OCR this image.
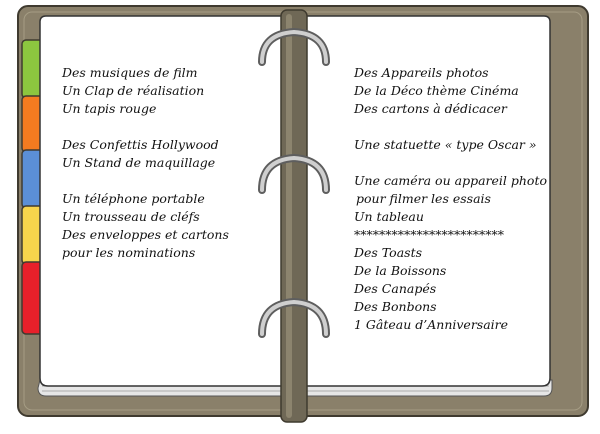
Des musiques de film
Un Clap de réalisation
Un tapis rouge
Des Confettis Hollywood
Un Stand de maquillage
Un téléphone portable
Un trousseau de cléfs
Des enveloppes et cartons
pour les nominations
Des Appareils photos
De la Déco thème Cinéma
Des cartons à dédicacer
Une statuette « type Oscar »
Une caméra ou appareil photo
pour filmer les essais
Un tableau
************************
Des Toasts
De la Boissons
Des Canapés
Des Bonbons
1 Gâteau d’Anniversaire
